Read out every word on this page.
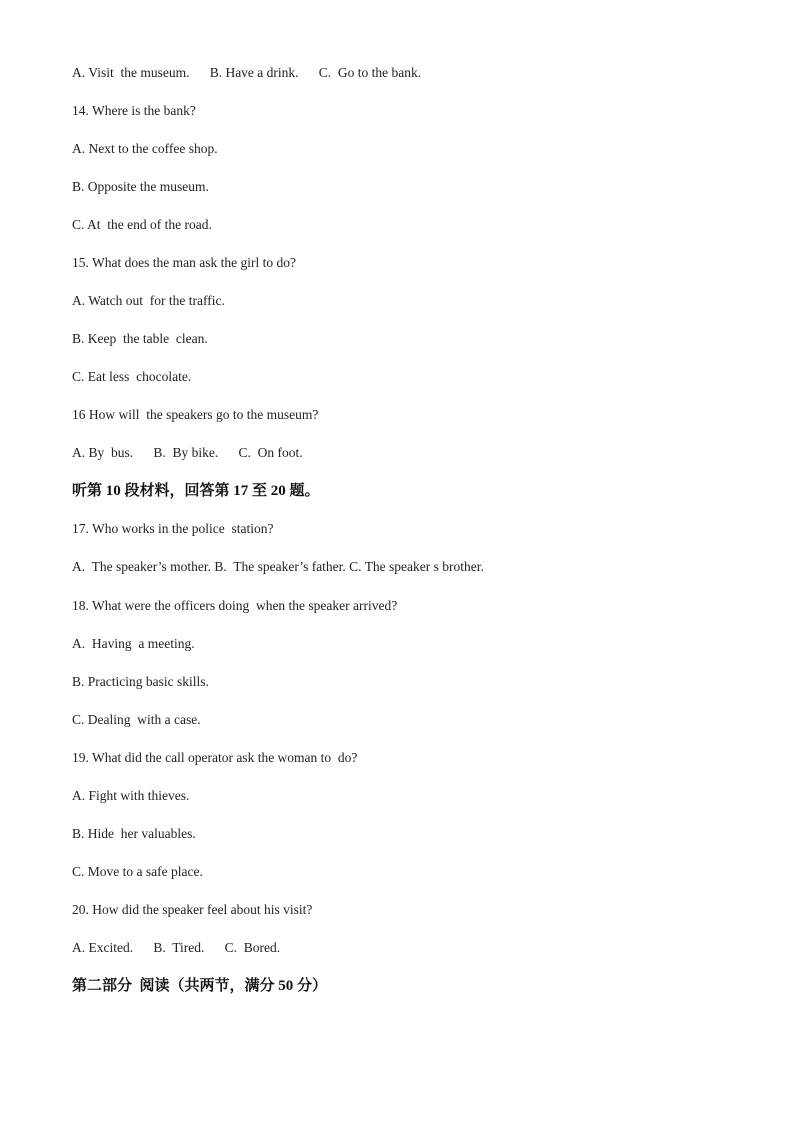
A. Visit  the museum.      B. Have a drink.      C.  Go to the bank.
14. Where is the bank?
A. Next to the coffee shop.
B. Opposite the museum.
C. At  the end of the road.
15. What does the man ask the girl to do?
A. Watch out  for the traffic.
B. Keep  the table  clean.
C. Eat less  chocolate.
16 How will  the speakers go to the museum?
A. By  bus.      B.  By bike.      C.  On foot.
听第 10 段材料，回答第 17 至 20 题。
17. Who works in the police  station?
A.  The speaker’s mother. B.  The speaker’s father. C. The speaker s brother.
18. What were the officers doing  when the speaker arrived?
A.  Having  a meeting.
B. Practicing basic skills.
C. Dealing  with a case.
19. What did the call operator ask the woman to  do?
A. Fight with thieves.
B. Hide  her valuables.
C. Move to a safe place.
20. How did the speaker feel about his visit?
A. Excited.      B.  Tired.      C.  Bored.
第二部分  阅读（共两节，满分 50 分）
